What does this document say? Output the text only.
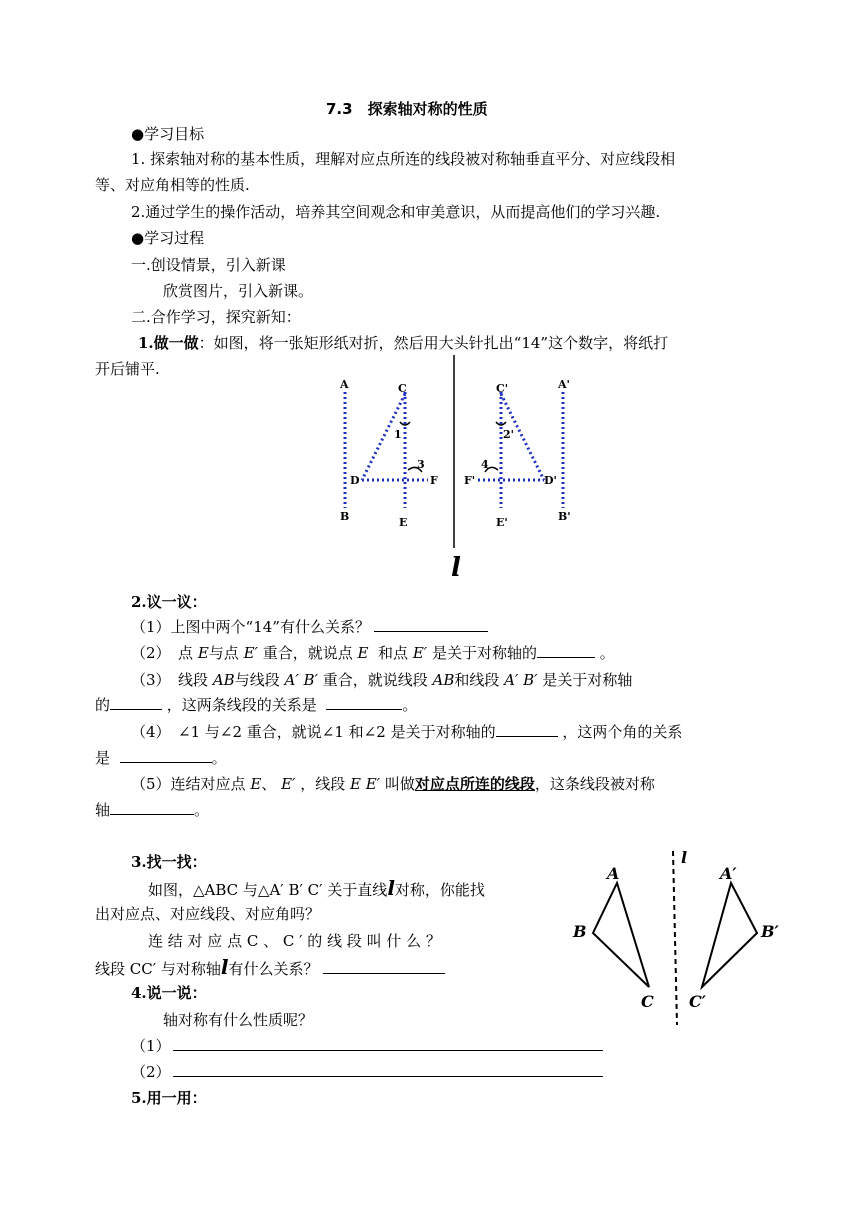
7.3　探索轴对称的性质
●学习目标
1. 探索轴对称的基本性质，理解对应点所连的线段被对称轴垂直平分、对应线段相
等、对应角相等的性质.
2.通过学生的操作活动，培养其空间观念和审美意识，从而提高他们的学习兴趣.
●学习过程
一.创设情景，引入新课
欣赏图片，引入新课。
二.合作学习，探究新知：
1.做一做：如图，将一张矩形纸对折，然后用大头针扎出“14”这个数字，将纸打
开后铺平.
A	C
1
3
D	F
B	E
C'	A'
2'
4
F'	D'
E'	B'
l
2.议一议：
（1）上图中两个“14”有什么关系？
（2）　点 E与点 E′ 重合，就说点 E 和点 E′ 是关于对称轴的	。
（3）　线段 AB与线段 A′ B′ 重合，就说线段 AB和线段 A′ B′ 是关于对称轴
的	，这两条线段的关系是	。
（4）　∠1 与∠2 重合，就说∠1 和∠2 是关于对称轴的	，这两个角的关系
是	。
（5）连结对应点 E、 E′ ，线段 E E′ 叫做对应点所连的线段，这条线段被对称
轴	。
3.找一找：
如图，△ABC 与△A′ B′ C′ 关于直线l对称，你能找
出对应点、对应线段、对应角吗？
连 结 对 应 点 C 、 C ′ 的 线 段 叫 什 么 ？
线段 CC′ 与对称轴l有什么关系？
l
A
B
C
A′
B′
C′
4.说一说：
轴对称有什么性质呢？
（1）
（2）
5.用一用：
